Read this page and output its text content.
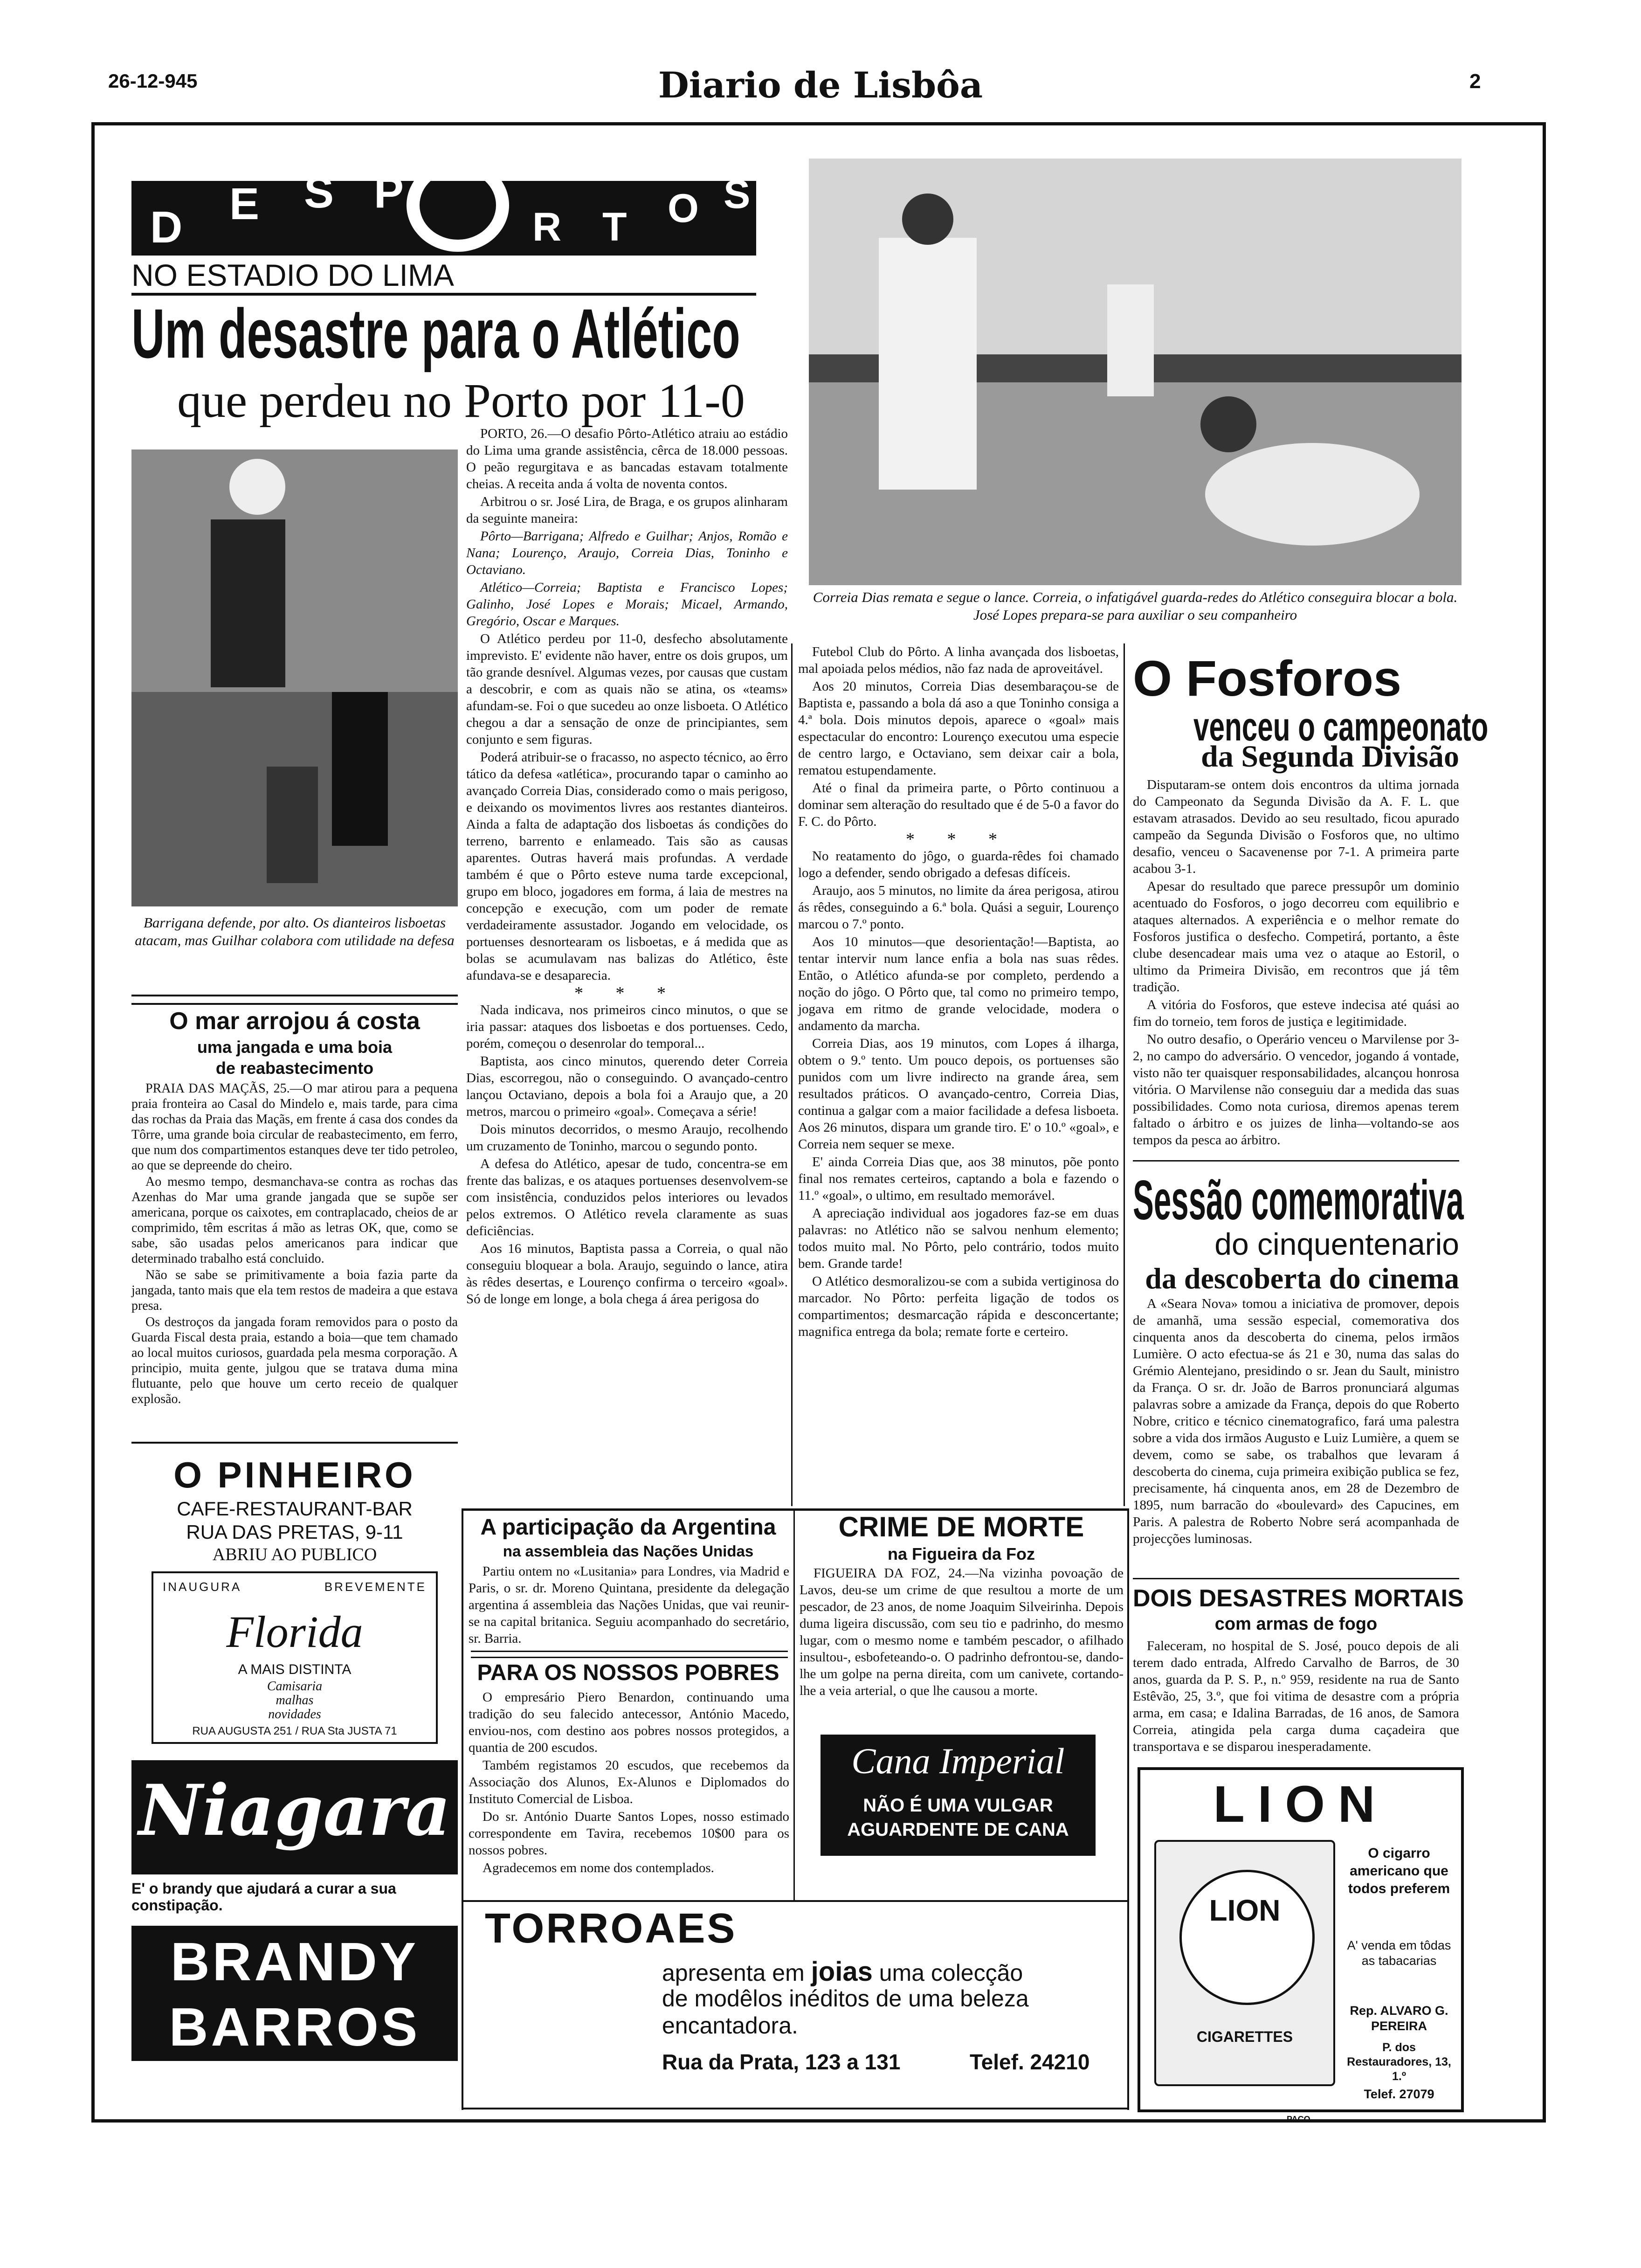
26-12-945	Diario de Lisbôa	2
D E S P
R T O S
NO ESTADIO DO LIMA
Um desastre para o Atlético
que perdeu no Porto por 11-0
Barrigana defende, por alto. Os dianteiros lisboetas atacam, mas Guilhar colabora com utilidade na defesa

PORTO, 26.—O desafio Pôrto-Atlético atraiu ao estádio do Lima uma grande assistência, cêrca de 18.000 pessoas. O peão regurgitava e as bancadas estavam totalmente cheias. A receita anda á volta de noventa contos.

Arbitrou o sr. José Lira, de Braga, e os grupos alinharam da seguinte maneira:

Pôrto—Barrigana; Alfredo e Guilhar; Anjos, Romão e Nana; Lourenço, Araujo, Correia Dias, Toninho e Octaviano.

Atlético—Correia; Baptista e Francisco Lopes; Galinho, José Lopes e Morais; Micael, Armando, Gregório, Oscar e Marques.

O Atlético perdeu por 11-0, desfecho absolutamente imprevisto. E' evidente não haver, entre os dois grupos, um tão grande desnível. Algumas vezes, por causas que custam a descobrir, e com as quais não se atina, os «teams» afundam-se. Foi o que sucedeu ao onze lisboeta. O Atlético chegou a dar a sensação de onze de principiantes, sem conjunto e sem figuras.

Poderá atribuir-se o fracasso, no aspecto técnico, ao êrro tático da defesa «atlética», procurando tapar o caminho ao avançado Correia Dias, considerado como o mais perigoso, e deixando os movimentos livres aos restantes dianteiros. Ainda a falta de adaptação dos lisboetas ás condições do terreno, barrento e enlameado. Tais são as causas aparentes. Outras haverá mais profundas. A verdade também é que o Pôrto esteve numa tarde excepcional, grupo em bloco, jogadores em forma, á laia de mestres na concepção e execução, com um poder de remate verdadeiramente assustador. Jogando em velocidade, os portuenses desnortearam os lisboetas, e á medida que as bolas se acumulavam nas balizas do Atlético, êste afundava-se e desaparecia.

* * *

Nada indicava, nos primeiros cinco minutos, o que se iria passar: ataques dos lisboetas e dos portuenses. Cedo, porém, começou o desenrolar do temporal...

Baptista, aos cinco minutos, querendo deter Correia Dias, escorregou, não o conseguindo. O avançado-centro lançou Octaviano, depois a bola foi a Araujo que, a 20 metros, marcou o primeiro «goal». Começava a série!

Dois minutos decorridos, o mesmo Araujo, recolhendo um cruzamento de Toninho, marcou o segundo ponto.

A defesa do Atlético, apesar de tudo, concentra-se em frente das balizas, e os ataques portuenses desenvolvem-se com insistência, conduzidos pelos interiores ou levados pelos extremos. O Atlético revela claramente as suas deficiências.

Aos 16 minutos, Baptista passa a Correia, o qual não conseguiu bloquear a bola. Araujo, seguindo o lance, atira às rêdes desertas, e Lourenço confirma o terceiro «goal». Só de longe em longe, a bola chega á área perigosa do

Correia Dias remata e segue o lance. Correia, o infatigável guarda-redes do Atlético conseguira blocar a bola. José Lopes prepara-se para auxiliar o seu companheiro

Futebol Club do Pôrto. A linha avançada dos lisboetas, mal apoiada pelos médios, não faz nada de aproveitável.

Aos 20 minutos, Correia Dias desembaraçou-se de Baptista e, passando a bola dá aso a que Toninho consiga a 4.ª bola. Dois minutos depois, aparece o «goal» mais espectacular do encontro: Lourenço executou uma especie de centro largo, e Octaviano, sem deixar cair a bola, rematou estupendamente.

Até o final da primeira parte, o Pôrto continuou a dominar sem alteração do resultado que é de 5-0 a favor do F. C. do Pôrto.

* * *

No reatamento do jôgo, o guarda-rêdes foi chamado logo a defender, sendo obrigado a defesas difíceis.

Araujo, aos 5 minutos, no limite da área perigosa, atirou ás rêdes, conseguindo a 6.ª bola. Quási a seguir, Lourenço marcou o 7.º ponto.

Aos 10 minutos—que desorientação!—Baptista, ao tentar intervir num lance enfia a bola nas suas rêdes. Então, o Atlético afunda-se por completo, perdendo a noção do jôgo. O Pôrto que, tal como no primeiro tempo, jogava em ritmo de grande velocidade, modera o andamento da marcha.

Correia Dias, aos 19 minutos, com Lopes á ilharga, obtem o 9.º tento. Um pouco depois, os portuenses são punidos com um livre indirecto na grande área, sem resultados práticos. O avançado-centro, Correia Dias, continua a galgar com a maior facilidade a defesa lisboeta. Aos 26 minutos, dispara um grande tiro. E' o 10.º «goal», e Correia nem sequer se mexe.

E' ainda Correia Dias que, aos 38 minutos, põe ponto final nos remates certeiros, captando a bola e fazendo o 11.º «goal», o ultimo, em resultado memorável.

A apreciação individual aos jogadores faz-se em duas palavras: no Atlético não se salvou nenhum elemento; todos muito mal. No Pôrto, pelo contrário, todos muito bem. Grande tarde!

O Atlético desmoralizou-se com a subida vertiginosa do marcador. No Pôrto: perfeita ligação de todos os compartimentos; desmarcação rápida e desconcertante; magnifica entrega da bola; remate forte e certeiro.

O Fosforos
venceu o campeonato
da Segunda Divisão

Disputaram-se ontem dois encontros da ultima jornada do Campeonato da Segunda Divisão da A. F. L. que estavam atrasados. Devido ao seu resultado, ficou apurado campeão da Segunda Divisão o Fosforos que, no ultimo desafio, venceu o Sacavenense por 7-1. A primeira parte acabou 3-1.

Apesar do resultado que parece pressupôr um dominio acentuado do Fosforos, o jogo decorreu com equilibrio e ataques alternados. A experiência e o melhor remate do Fosforos justifica o desfecho. Competirá, portanto, a êste clube desencadear mais uma vez o ataque ao Estoril, o ultimo da Primeira Divisão, em recontros que já têm tradição.

A vitória do Fosforos, que esteve indecisa até quási ao fim do torneio, tem foros de justiça e legitimidade.

No outro desafio, o Operário venceu o Marvilense por 3-2, no campo do adversário. O vencedor, jogando á vontade, visto não ter quaisquer responsabilidades, alcançou honrosa vitória. O Marvilense não conseguiu dar a medida das suas possibilidades. Como nota curiosa, diremos apenas terem faltado o árbitro e os juizes de linha—voltando-se aos tempos da pesca ao árbitro.

Sessão comemorativa
do cinquentenario
da descoberta do cinema

A «Seara Nova» tomou a iniciativa de promover, depois de amanhã, uma sessão especial, comemorativa dos cinquenta anos da descoberta do cinema, pelos irmãos Lumière. O acto efectua-se ás 21 e 30, numa das salas do Grémio Alentejano, presidindo o sr. Jean du Sault, ministro da França. O sr. dr. João de Barros pronunciará algumas palavras sobre a amizade da França, depois do que Roberto Nobre, critico e técnico cinematografico, fará uma palestra sobre a vida dos irmãos Augusto e Luiz Lumière, a quem se devem, como se sabe, os trabalhos que levaram á descoberta do cinema, cuja primeira exibição publica se fez, precisamente, há cinquenta anos, em 28 de Dezembro de 1895, num barracão do «boulevard» des Capucines, em Paris. A palestra de Roberto Nobre será acompanhada de projecções luminosas.

DOIS DESASTRES MORTAIS
com armas de fogo

Faleceram, no hospital de S. José, pouco depois de ali terem dado entrada, Alfredo Carvalho de Barros, de 30 anos, guarda da P. S. P., n.º 959, residente na rua de Santo Estêvão, 25, 3.º, que foi vitima de desastre com a própria arma, em casa; e Idalina Barradas, de 16 anos, de Samora Correia, atingida pela carga duma caçadeira que transportava e se disparou inesperadamente.

O mar arrojou á costa
uma jangada e uma boia
de reabastecimento

PRAIA DAS MAÇÃS, 25.—O mar atirou para a pequena praia fronteira ao Casal do Mindelo e, mais tarde, para cima das rochas da Praia das Maçãs, em frente á casa dos condes da Tôrre, uma grande boia circular de reabastecimento, em ferro, que num dos compartimentos estanques deve ter tido petroleo, ao que se depreende do cheiro.

Ao mesmo tempo, desmanchava-se contra as rochas das Azenhas do Mar uma grande jangada que se supõe ser americana, porque os caixotes, em contraplacado, cheios de ar comprimido, têm escritas á mão as letras OK, que, como se sabe, são usadas pelos americanos para indicar que determinado trabalho está concluido.

Não se sabe se primitivamente a boia fazia parte da jangada, tanto mais que ela tem restos de madeira a que estava presa.

Os destroços da jangada foram removidos para o posto da Guarda Fiscal desta praia, estando a boia—que tem chamado ao local muitos curiosos, guardada pela mesma corporação. A principio, muita gente, julgou que se tratava duma mina flutuante, pelo que houve um certo receio de qualquer explosão.

O PINHEIRO
CAFE-RESTAURANT-BAR
RUA DAS PRETAS, 9-11
ABRIU AO PUBLICO
INAUGURA	BREVEMENTE
Florida
A MAIS DISTINTA
Camisaria
malhas
novidades
RUA AUGUSTA 251 / RUA Sta JUSTA 71
Niagara
E' o brandy que ajudará a curar a sua constipação.
BRANDY
BARROS
A participação da Argentina
na assembleia das Nações Unidas

Partiu ontem no «Lusitania» para Londres, via Madrid e Paris, o sr. dr. Moreno Quintana, presidente da delegação argentina á assembleia das Nações Unidas, que vai reunir-se na capital britanica. Seguiu acompanhado do secretário, sr. Barria.

PARA OS NOSSOS POBRES

O empresário Piero Benardon, continuando uma tradição do seu falecido antecessor, António Macedo, enviou-nos, com destino aos pobres nossos protegidos, a quantia de 200 escudos.

Também registamos 20 escudos, que recebemos da Associação dos Alunos, Ex-Alunos e Diplomados do Instituto Comercial de Lisboa.

Do sr. António Duarte Santos Lopes, nosso estimado correspondente em Tavira, recebemos 10$00 para os nossos pobres.

Agradecemos em nome dos contemplados.

CRIME DE MORTE
na Figueira da Foz

FIGUEIRA DA FOZ, 24.—Na vizinha povoação de Lavos, deu-se um crime de que resultou a morte de um pescador, de 23 anos, de nome Joaquim Silveirinha. Depois duma ligeira discussão, com seu tio e padrinho, do mesmo lugar, com o mesmo nome e também pescador, o afilhado insultou-, esbofeteando-o. O padrinho defrontou-se, dando-lhe um golpe na perna direita, com um canivete, cortando-lhe a veia arterial, o que lhe causou a morte.

Cana Imperial
NÃO É UMA VULGAR
AGUARDENTE DE CANA
TORROAES
apresenta em joias uma colecção
de modêlos inéditos de uma beleza
encantadora.
Rua da Prata, 123 a 131	Telef. 24210
LION
LION
CIGARETTES
O cigarro americano que todos preferem
A' venda em tôdas as tabacarias
Rep. ALVARO G. PEREIRA
P. dos Restauradores, 13, 1.º
Telef. 27079
PACO
